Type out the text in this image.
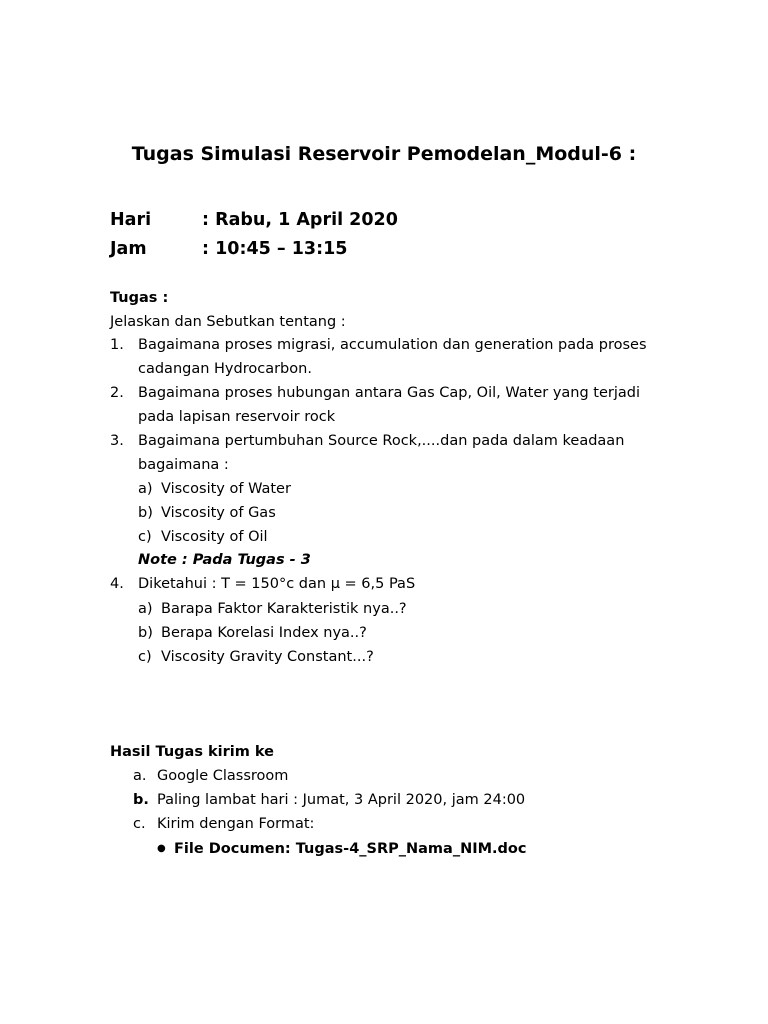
Tugas Simulasi Reservoir Pemodelan_Modul-6 :
Hari	: Rabu, 1 April 2020
Jam	: 10:45 – 13:15
Tugas :
Jelaskan dan Sebutkan tentang :
1. Bagaimana proses migrasi, accumulation dan generation pada proses
cadangan Hydrocarbon.
2. Bagaimana proses hubungan antara Gas Cap, Oil, Water yang terjadi
pada lapisan reservoir rock
3. Bagaimana pertumbuhan Source Rock,....dan pada dalam keadaan
bagaimana :
a) Viscosity of Water
b) Viscosity of Gas
c) Viscosity of Oil
Note : Pada Tugas - 3
4. Diketahui : T = 150°c dan µ = 6,5 PaS
a) Barapa Faktor Karakteristik nya..?
b) Berapa Korelasi Index nya..?
c) Viscosity Gravity Constant...?
Hasil Tugas kirim ke
a. Google Classroom
b. Paling lambat hari : Jumat, 3 April 2020, jam 24:00
c. Kirim dengan Format:
● File Documen: Tugas-4_SRP_Nama_NIM.doc
